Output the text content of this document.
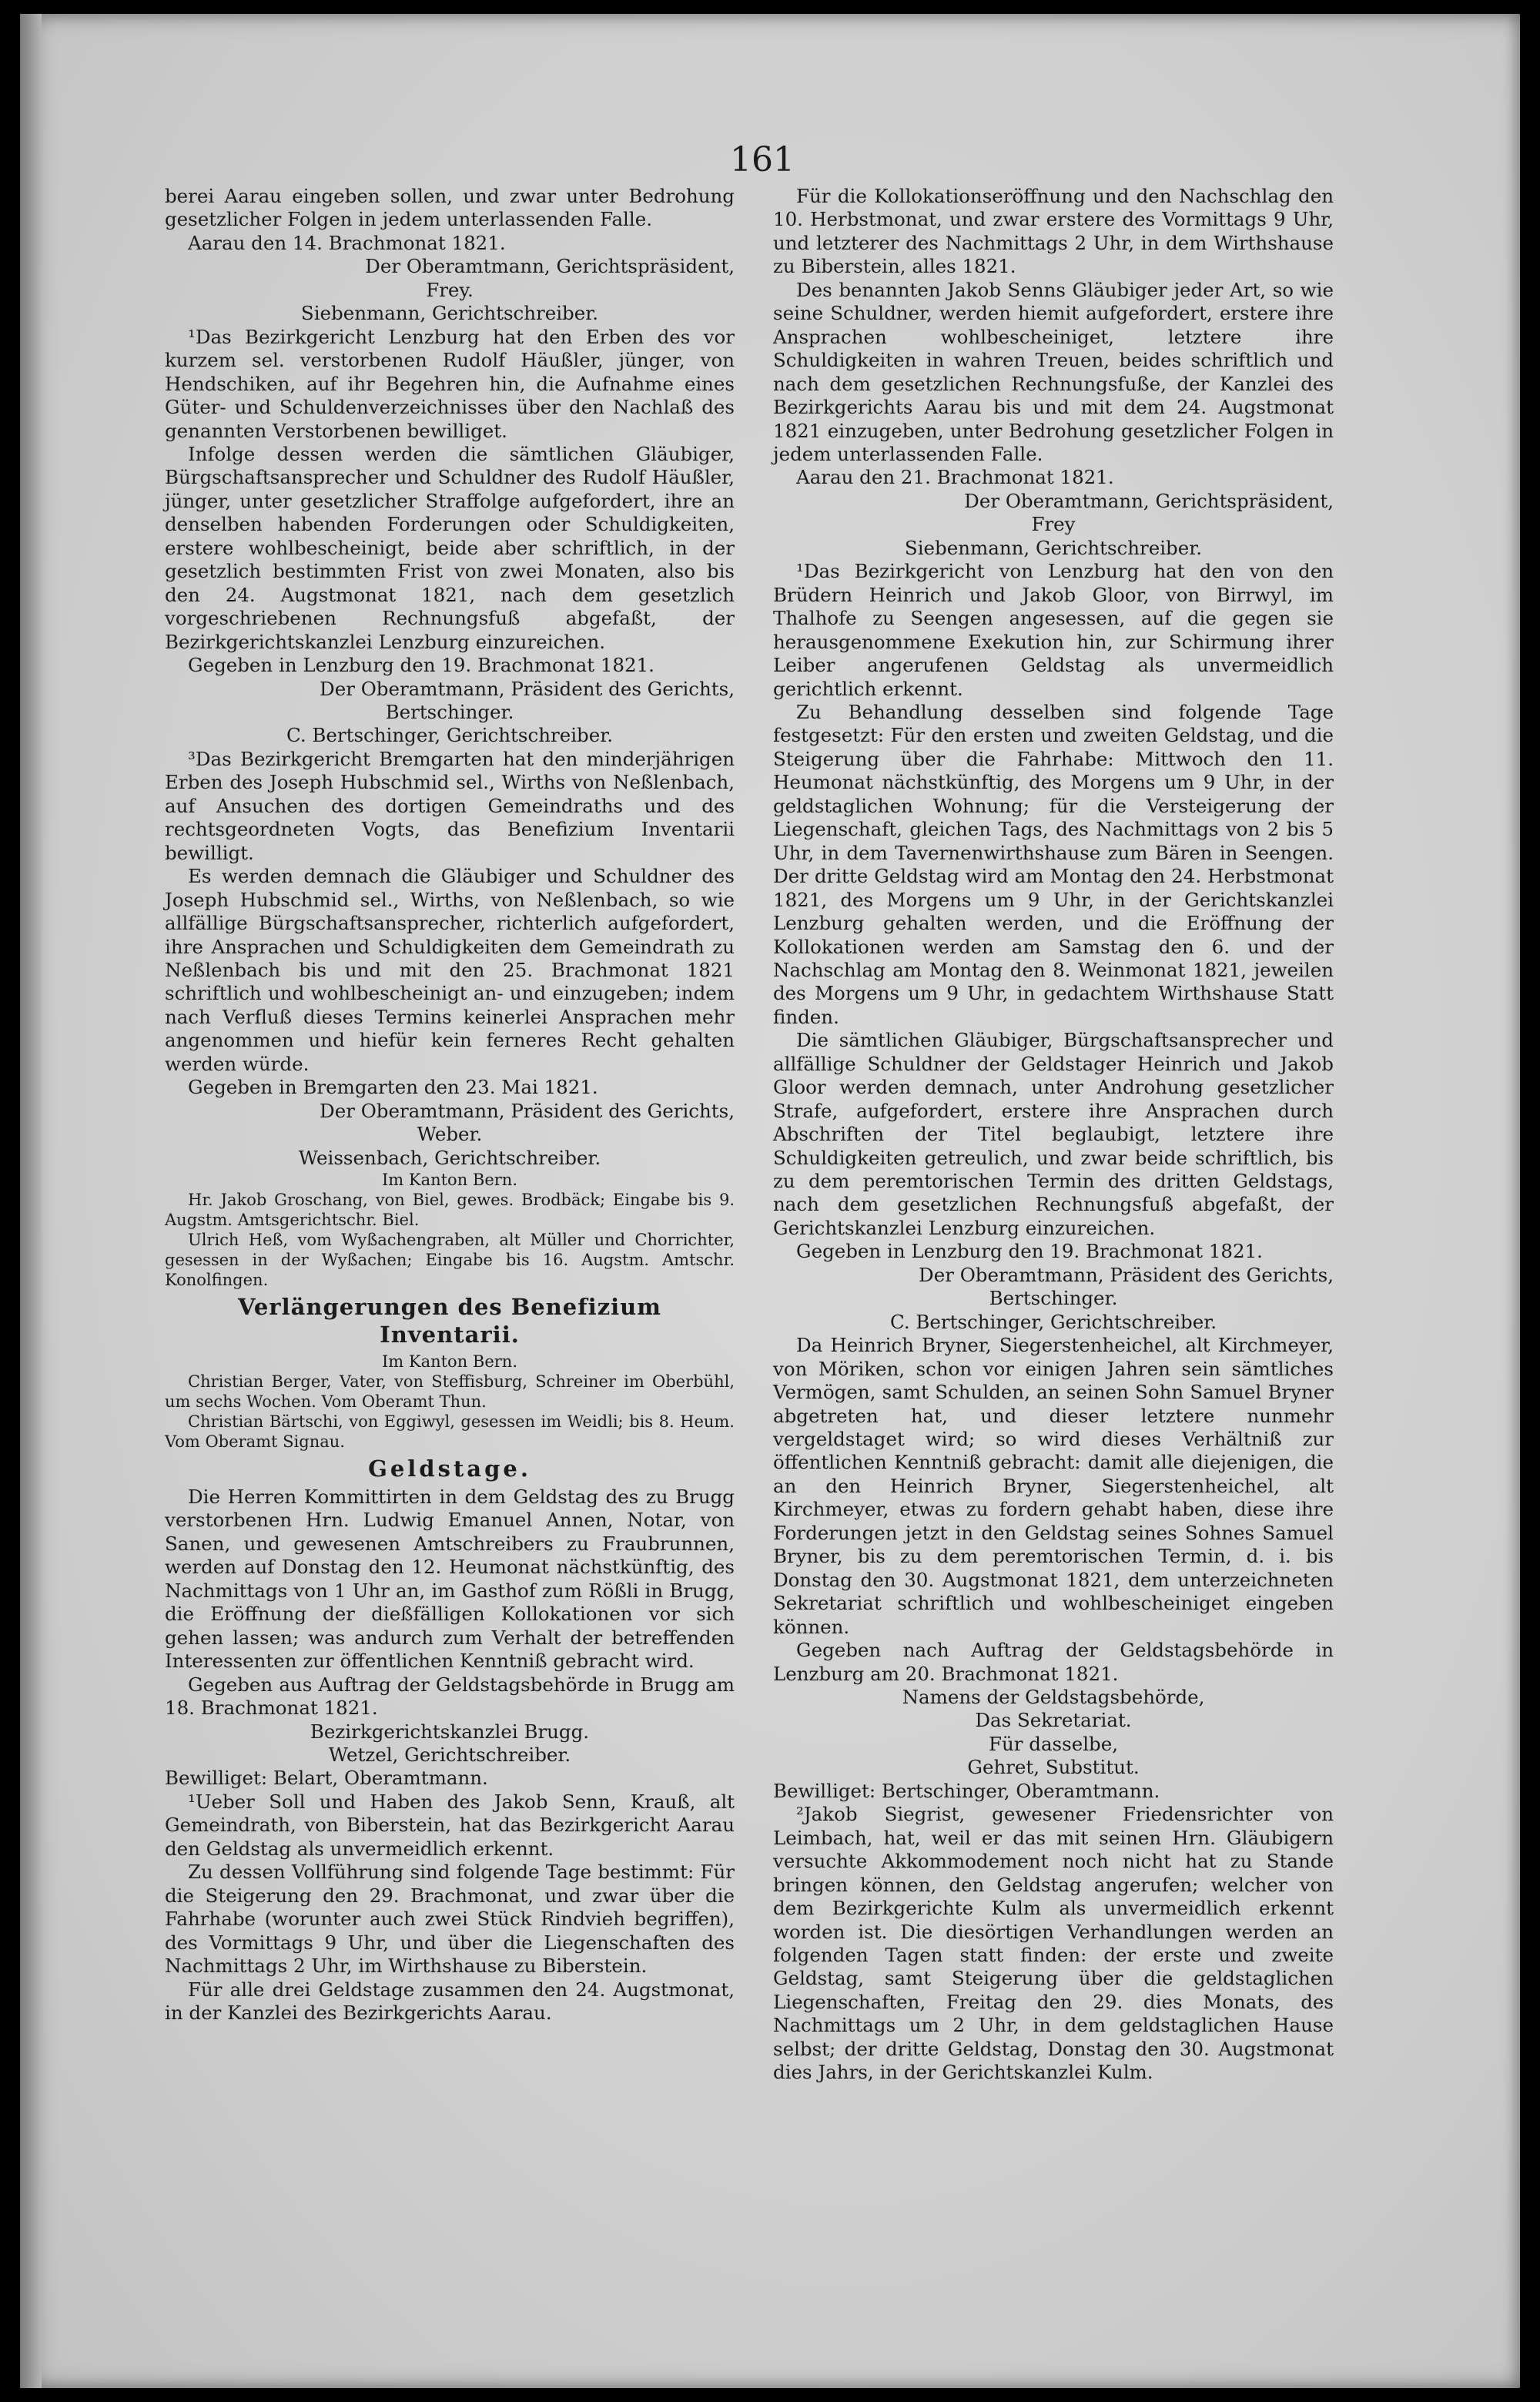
161

berei Aarau eingeben sollen, und zwar unter Bedrohung gesetzlicher Folgen in jedem unterlassenden Falle.

Aarau den 14. Brachmonat 1821.

Der Oberamtmann, Gerichtspräsident,

Frey.

Siebenmann, Gerichtschreiber.

¹Das Bezirkgericht Lenzburg hat den Erben des vor kurzem sel. verstorbenen Rudolf Häußler, jünger, von Hendschiken, auf ihr Begehren hin, die Aufnahme eines Güter- und Schuldenverzeichnisses über den Nachlaß des genannten Verstorbenen bewilliget.

Infolge dessen werden die sämtlichen Gläubiger, Bürgschaftsansprecher und Schuldner des Rudolf Häußler, jünger, unter gesetzlicher Straffolge aufgefordert, ihre an denselben habenden Forderungen oder Schuldigkeiten, erstere wohlbescheinigt, beide aber schriftlich, in der gesetzlich bestimmten Frist von zwei Monaten, also bis den 24. Augstmonat 1821, nach dem gesetzlich vorgeschriebenen Rechnungsfuß abgefaßt, der Bezirkgerichtskanzlei Lenzburg einzureichen.

Gegeben in Lenzburg den 19. Brachmonat 1821.

Der Oberamtmann, Präsident des Gerichts,

Bertschinger.

C. Bertschinger, Gerichtschreiber.

³Das Bezirkgericht Bremgarten hat den minderjährigen Erben des Joseph Hubschmid sel., Wirths von Neßlenbach, auf Ansuchen des dortigen Gemeindraths und des rechtsgeordneten Vogts, das Benefizium Inventarii bewilligt.

Es werden demnach die Gläubiger und Schuldner des Joseph Hubschmid sel., Wirths, von Neßlenbach, so wie allfällige Bürgschaftsansprecher, richterlich aufgefordert, ihre Ansprachen und Schuldigkeiten dem Gemeindrath zu Neßlenbach bis und mit den 25. Brachmonat 1821 schriftlich und wohlbescheinigt an- und einzugeben; indem nach Verfluß dieses Termins keinerlei Ansprachen mehr angenommen und hiefür kein ferneres Recht gehalten werden würde.

Gegeben in Bremgarten den 23. Mai 1821.

Der Oberamtmann, Präsident des Gerichts,

Weber.

Weissenbach, Gerichtschreiber.

Im Kanton Bern.

Hr. Jakob Groschang, von Biel, gewes. Brodbäck; Eingabe bis 9. Augstm. Amtsgerichtschr. Biel.

Ulrich Heß, vom Wyßachengraben, alt Müller und Chorrichter, gesessen in der Wyßachen; Eingabe bis 16. Augstm. Amtschr. Konolfingen.

Verlängerungen des Benefizium Inventarii.

Im Kanton Bern.

Christian Berger, Vater, von Steffisburg, Schreiner im Oberbühl, um sechs Wochen. Vom Oberamt Thun.

Christian Bärtschi, von Eggiwyl, gesessen im Weidli; bis 8. Heum. Vom Oberamt Signau.

Geldstage.

Die Herren Kommittirten in dem Geldstag des zu Brugg verstorbenen Hrn. Ludwig Emanuel Annen, Notar, von Sanen, und gewesenen Amtschreibers zu Fraubrunnen, werden auf Donstag den 12. Heumonat nächstkünftig, des Nachmittags von 1 Uhr an, im Gasthof zum Rößli in Brugg, die Eröffnung der dießfälligen Kollokationen vor sich gehen lassen; was andurch zum Verhalt der betreffenden Interessenten zur öffentlichen Kenntniß gebracht wird.

Gegeben aus Auftrag der Geldstagsbehörde in Brugg am 18. Brachmonat 1821.

Bezirkgerichtskanzlei Brugg.

Wetzel, Gerichtschreiber.

Bewilliget: Belart, Oberamtmann.

¹Ueber Soll und Haben des Jakob Senn, Krauß, alt Gemeindrath, von Biberstein, hat das Bezirkgericht Aarau den Geldstag als unvermeidlich erkennt.

Zu dessen Vollführung sind folgende Tage bestimmt: Für die Steigerung den 29. Brachmonat, und zwar über die Fahrhabe (worunter auch zwei Stück Rindvieh begriffen), des Vormittags 9 Uhr, und über die Liegenschaften des Nachmittags 2 Uhr, im Wirthshause zu Biberstein.

Für alle drei Geldstage zusammen den 24. Augstmonat, in der Kanzlei des Bezirkgerichts Aarau.

Für die Kollokationseröffnung und den Nachschlag den 10. Herbstmonat, und zwar erstere des Vormittags 9 Uhr, und letzterer des Nachmittags 2 Uhr, in dem Wirthshause zu Biberstein, alles 1821.

Des benannten Jakob Senns Gläubiger jeder Art, so wie seine Schuldner, werden hiemit aufgefordert, erstere ihre Ansprachen wohlbescheiniget, letztere ihre Schuldigkeiten in wahren Treuen, beides schriftlich und nach dem gesetzlichen Rechnungsfuße, der Kanzlei des Bezirkgerichts Aarau bis und mit dem 24. Augstmonat 1821 einzugeben, unter Bedrohung gesetzlicher Folgen in jedem unterlassenden Falle.

Aarau den 21. Brachmonat 1821.

Der Oberamtmann, Gerichtspräsident,

Frey

Siebenmann, Gerichtschreiber.

¹Das Bezirkgericht von Lenzburg hat den von den Brüdern Heinrich und Jakob Gloor, von Birrwyl, im Thalhofe zu Seengen angesessen, auf die gegen sie herausgenommene Exekution hin, zur Schirmung ihrer Leiber angerufenen Geldstag als unvermeidlich gerichtlich erkennt.

Zu Behandlung desselben sind folgende Tage festgesetzt: Für den ersten und zweiten Geldstag, und die Steigerung über die Fahrhabe: Mittwoch den 11. Heumonat nächstkünftig, des Morgens um 9 Uhr, in der geldstaglichen Wohnung; für die Versteigerung der Liegenschaft, gleichen Tags, des Nachmittags von 2 bis 5 Uhr, in dem Tavernenwirthshause zum Bären in Seengen. Der dritte Geldstag wird am Montag den 24. Herbstmonat 1821, des Morgens um 9 Uhr, in der Gerichtskanzlei Lenzburg gehalten werden, und die Eröffnung der Kollokationen werden am Samstag den 6. und der Nachschlag am Montag den 8. Weinmonat 1821, jeweilen des Morgens um 9 Uhr, in gedachtem Wirthshause Statt finden.

Die sämtlichen Gläubiger, Bürgschaftsansprecher und allfällige Schuldner der Geldstager Heinrich und Jakob Gloor werden demnach, unter Androhung gesetzlicher Strafe, aufgefordert, erstere ihre Ansprachen durch Abschriften der Titel beglaubigt, letztere ihre Schuldigkeiten getreulich, und zwar beide schriftlich, bis zu dem peremtorischen Termin des dritten Geldstags, nach dem gesetzlichen Rechnungsfuß abgefaßt, der Gerichtskanzlei Lenzburg einzureichen.

Gegeben in Lenzburg den 19. Brachmonat 1821.

Der Oberamtmann, Präsident des Gerichts,

Bertschinger.

C. Bertschinger, Gerichtschreiber.

Da Heinrich Bryner, Siegerstenheichel, alt Kirchmeyer, von Möriken, schon vor einigen Jahren sein sämtliches Vermögen, samt Schulden, an seinen Sohn Samuel Bryner abgetreten hat, und dieser letztere nunmehr vergeldstaget wird; so wird dieses Verhältniß zur öffentlichen Kenntniß gebracht: damit alle diejenigen, die an den Heinrich Bryner, Siegerstenheichel, alt Kirchmeyer, etwas zu fordern gehabt haben, diese ihre Forderungen jetzt in den Geldstag seines Sohnes Samuel Bryner, bis zu dem peremtorischen Termin, d. i. bis Donstag den 30. Augstmonat 1821, dem unterzeichneten Sekretariat schriftlich und wohlbescheiniget eingeben können.

Gegeben nach Auftrag der Geldstagsbehörde in Lenzburg am 20. Brachmonat 1821.

Namens der Geldstagsbehörde,

Das Sekretariat.

Für dasselbe,

Gehret, Substitut.

Bewilliget: Bertschinger, Oberamtmann.

²Jakob Siegrist, gewesener Friedensrichter von Leimbach, hat, weil er das mit seinen Hrn. Gläubigern versuchte Akkommodement noch nicht hat zu Stande bringen können, den Geldstag angerufen; welcher von dem Bezirkgerichte Kulm als unvermeidlich erkennt worden ist. Die diesörtigen Verhandlungen werden an folgenden Tagen statt finden: der erste und zweite Geldstag, samt Steigerung über die geldstaglichen Liegenschaften, Freitag den 29. dies Monats, des Nachmittags um 2 Uhr, in dem geldstaglichen Hause selbst; der dritte Geldstag, Donstag den 30. Augstmonat dies Jahrs, in der Gerichtskanzlei Kulm.
